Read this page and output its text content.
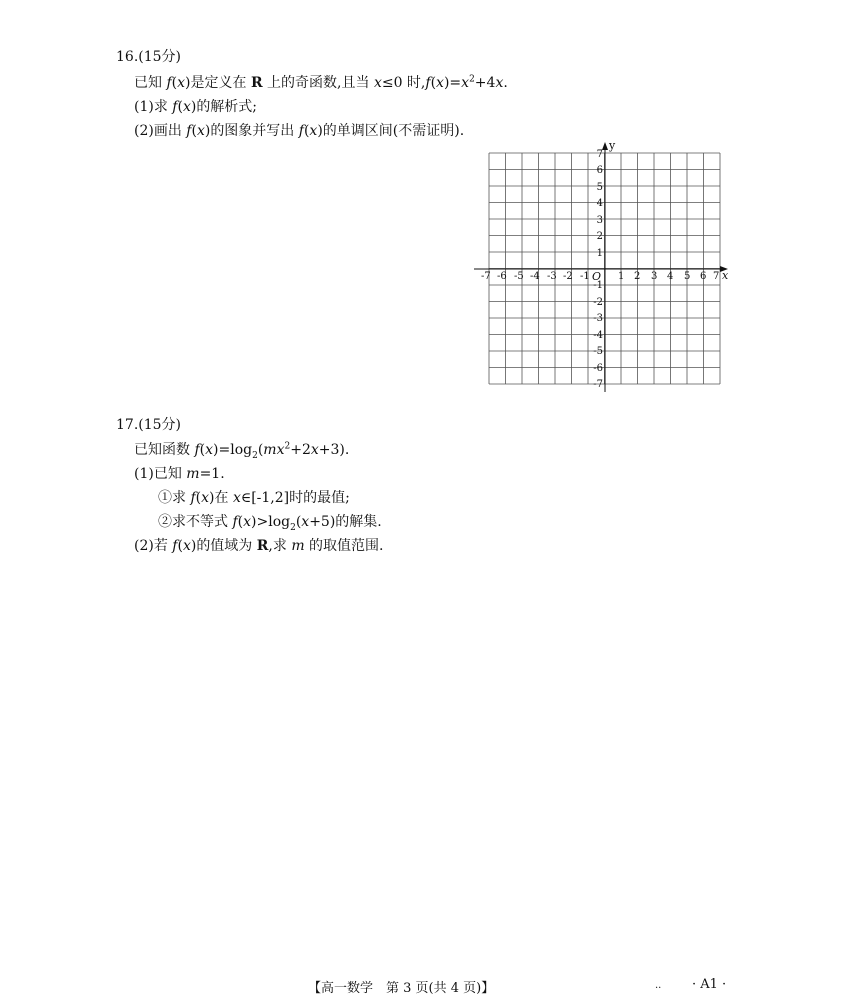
16.(15分)
已知 f(x)是定义在 R 上的奇函数,且当 x≤0 时$,f(x)=x^2+4x$.
(1)求 f(x)的解析式;
(2)画出 f(x)的图象并写出 f(x)的单调区间(不需证明).
x
y
O
-7 -6 -5 -4 -3 -2 -1	1 2 3 4 5 6 7
7
6
5
4
3
2
1
-1
-2
-3
-4
-5
-6
-7
17.(15分)
已知函数 $f(x)=\log_2(mx^2+2x+3)$.
(1)已知 m=1.
①求 f(x)在 x∈[-1,2]时的最值;
②求不等式 $f(x)>\log_2(x+5)$的解集.
(2)若 f(x)的值域为 R,求 m 的取值范围.
【高一数学　第 3 页(共 4 页)】	.. · A1 ·
